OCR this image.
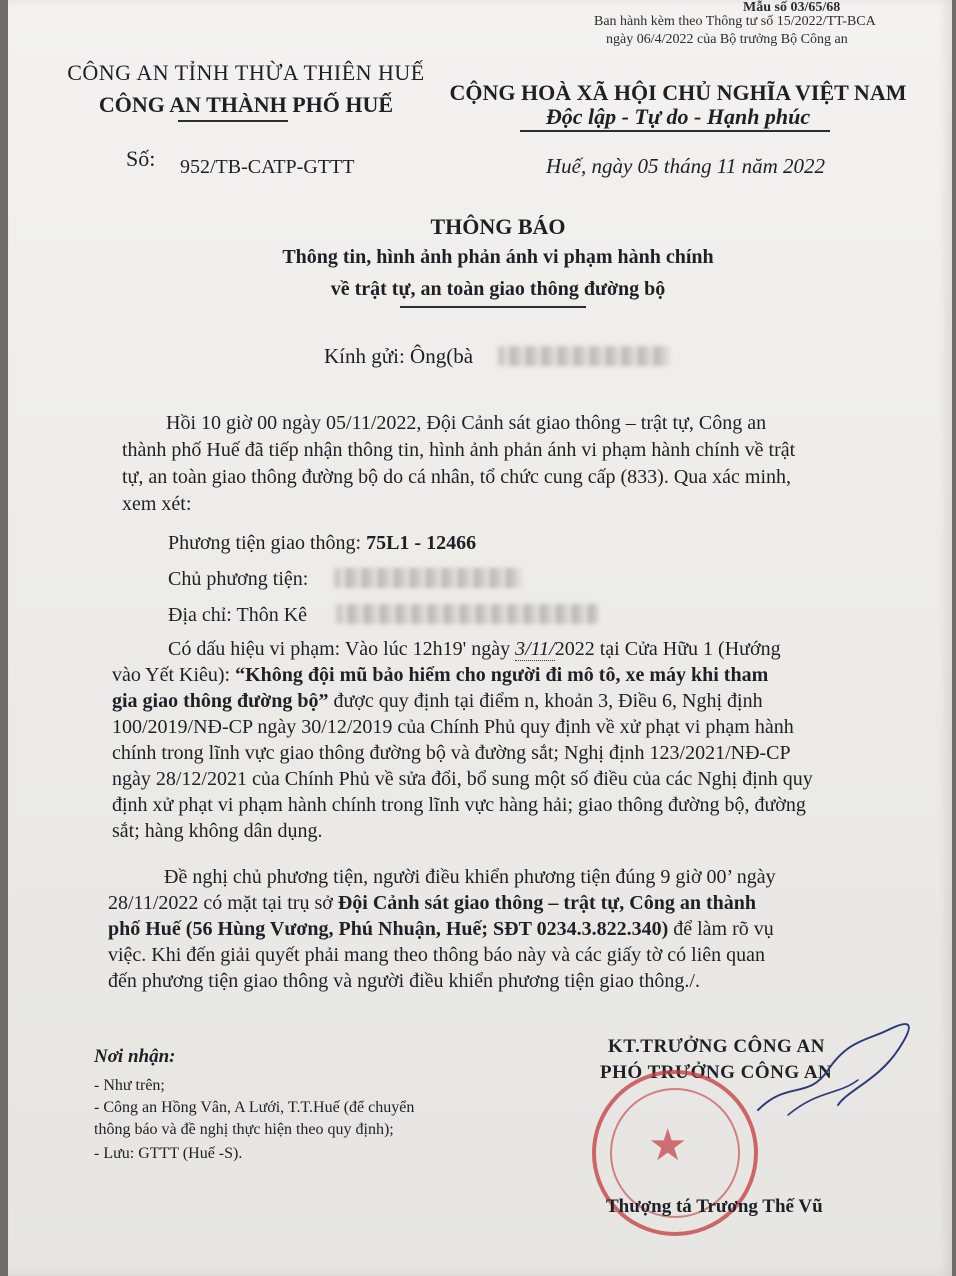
Mẫu số 03/65/68
Ban hành kèm theo Thông tư số 15/2022/TT-BCA
ngày 06/4/2022 của Bộ trưởng Bộ Công an
CÔNG AN TỈNH THỪA THIÊN HUẾ
CÔNG AN THÀNH PHỐ HUẾ	CỘNG HOÀ XÃ HỘI CHỦ NGHĨA VIỆT NAM
Độc lập - Tự do - Hạnh phúc
Số: 952/TB-CATP-GTTT	Huế, ngày 05 tháng 11 năm 2022
THÔNG BÁO
Thông tin, hình ảnh phản ánh vi phạm hành chính
về trật tự, an toàn giao thông đường bộ
Kính gửi: Ông(bà
Hồi 10 giờ 00 ngày 05/11/2022, Đội Cảnh sát giao thông – trật tự, Công an
thành phố Huế đã tiếp nhận thông tin, hình ảnh phản ánh vi phạm hành chính về trật
tự, an toàn giao thông đường bộ do cá nhân, tổ chức cung cấp (833). Qua xác minh,
xem xét:
Phương tiện giao thông: 75L1 - 12466
Chủ phương tiện:
Địa chỉ: Thôn Kê
Có dấu hiệu vi phạm: Vào lúc 12h19' ngày 3/11/2022 tại Cửa Hữu 1 (Hướng
vào Yết Kiêu): “Không đội mũ bảo hiểm cho người đi mô tô, xe máy khi tham
gia giao thông đường bộ” được quy định tại điểm n, khoản 3, Điều 6, Nghị định
100/2019/NĐ-CP ngày 30/12/2019 của Chính Phủ quy định về xử phạt vi phạm hành
chính trong lĩnh vực giao thông đường bộ và đường sắt; Nghị định 123/2021/NĐ-CP
ngày 28/12/2021 của Chính Phủ về sửa đổi, bổ sung một số điều của các Nghị định quy
định xử phạt vi phạm hành chính trong lĩnh vực hàng hải; giao thông đường bộ, đường
sắt; hàng không dân dụng.
Đề nghị chủ phương tiện, người điều khiển phương tiện đúng 9 giờ 00’ ngày
28/11/2022 có mặt tại trụ sở Đội Cảnh sát giao thông – trật tự, Công an thành
phố Huế (56 Hùng Vương, Phú Nhuận, Huế; SĐT 0234.3.822.340) để làm rõ vụ
việc. Khi đến giải quyết phải mang theo thông báo này và các giấy tờ có liên quan
đến phương tiện giao thông và người điều khiển phương tiện giao thông./.
Nơi nhận:
- Như trên;
- Công an Hồng Vân, A Lưới, T.T.Huế (để chuyển
thông báo và đề nghị thực hiện theo quy định);
- Lưu: GTTT (Huế -S).
KT.TRƯỞNG CÔNG AN
PHÓ TRƯỞNG CÔNG AN
★
Thượng tá Trương Thế Vũ
